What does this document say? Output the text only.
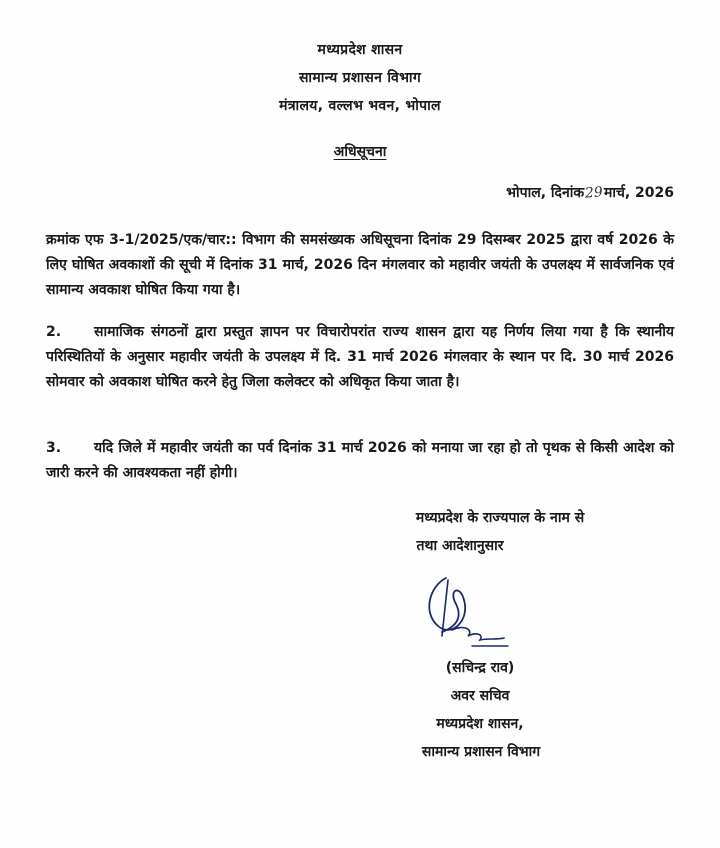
मध्यप्रदेश शासन
सामान्य प्रशासन विभाग
मंत्रालय, वल्लभ भवन, भोपाल
अधिसूचना
भोपाल, दिनांक29मार्च, 2026
क्रमांक एफ 3-1/2025/एक/चार:: विभाग की समसंख्यक अधिसूचना दिनांक 29 दिसम्बर 2025 द्वारा वर्ष 2026 के लिए घोषित अवकाशों की सूची में दिनांक 31 मार्च, 2026 दिन मंगलवार को महावीर जयंती के उपलक्ष्य में सार्वजनिक एवं सामान्य अवकाश घोषित किया गया है।
2. सामाजिक संगठनों द्वारा प्रस्तुत ज्ञापन पर विचारोपरांत राज्य शासन द्वारा यह निर्णय लिया गया है कि स्थानीय परिस्थितियों के अनुसार महावीर जयंती के उपलक्ष्य में दि. 31 मार्च 2026 मंगलवार के स्थान पर दि. 30 मार्च 2026 सोमवार को अवकाश घोषित करने हेतु जिला कलेक्टर को अधिकृत किया जाता है।
3. यदि जिले में महावीर जयंती का पर्व दिनांक 31 मार्च 2026 को मनाया जा रहा हो तो पृथक से किसी आदेश को जारी करने की आवश्यकता नहीं होगी।
मध्यप्रदेश के राज्यपाल के नाम से
तथा आदेशानुसार
(सचिन्द्र राव)
अवर सचिव
मध्यप्रदेश शासन,
सामान्य प्रशासन विभाग
